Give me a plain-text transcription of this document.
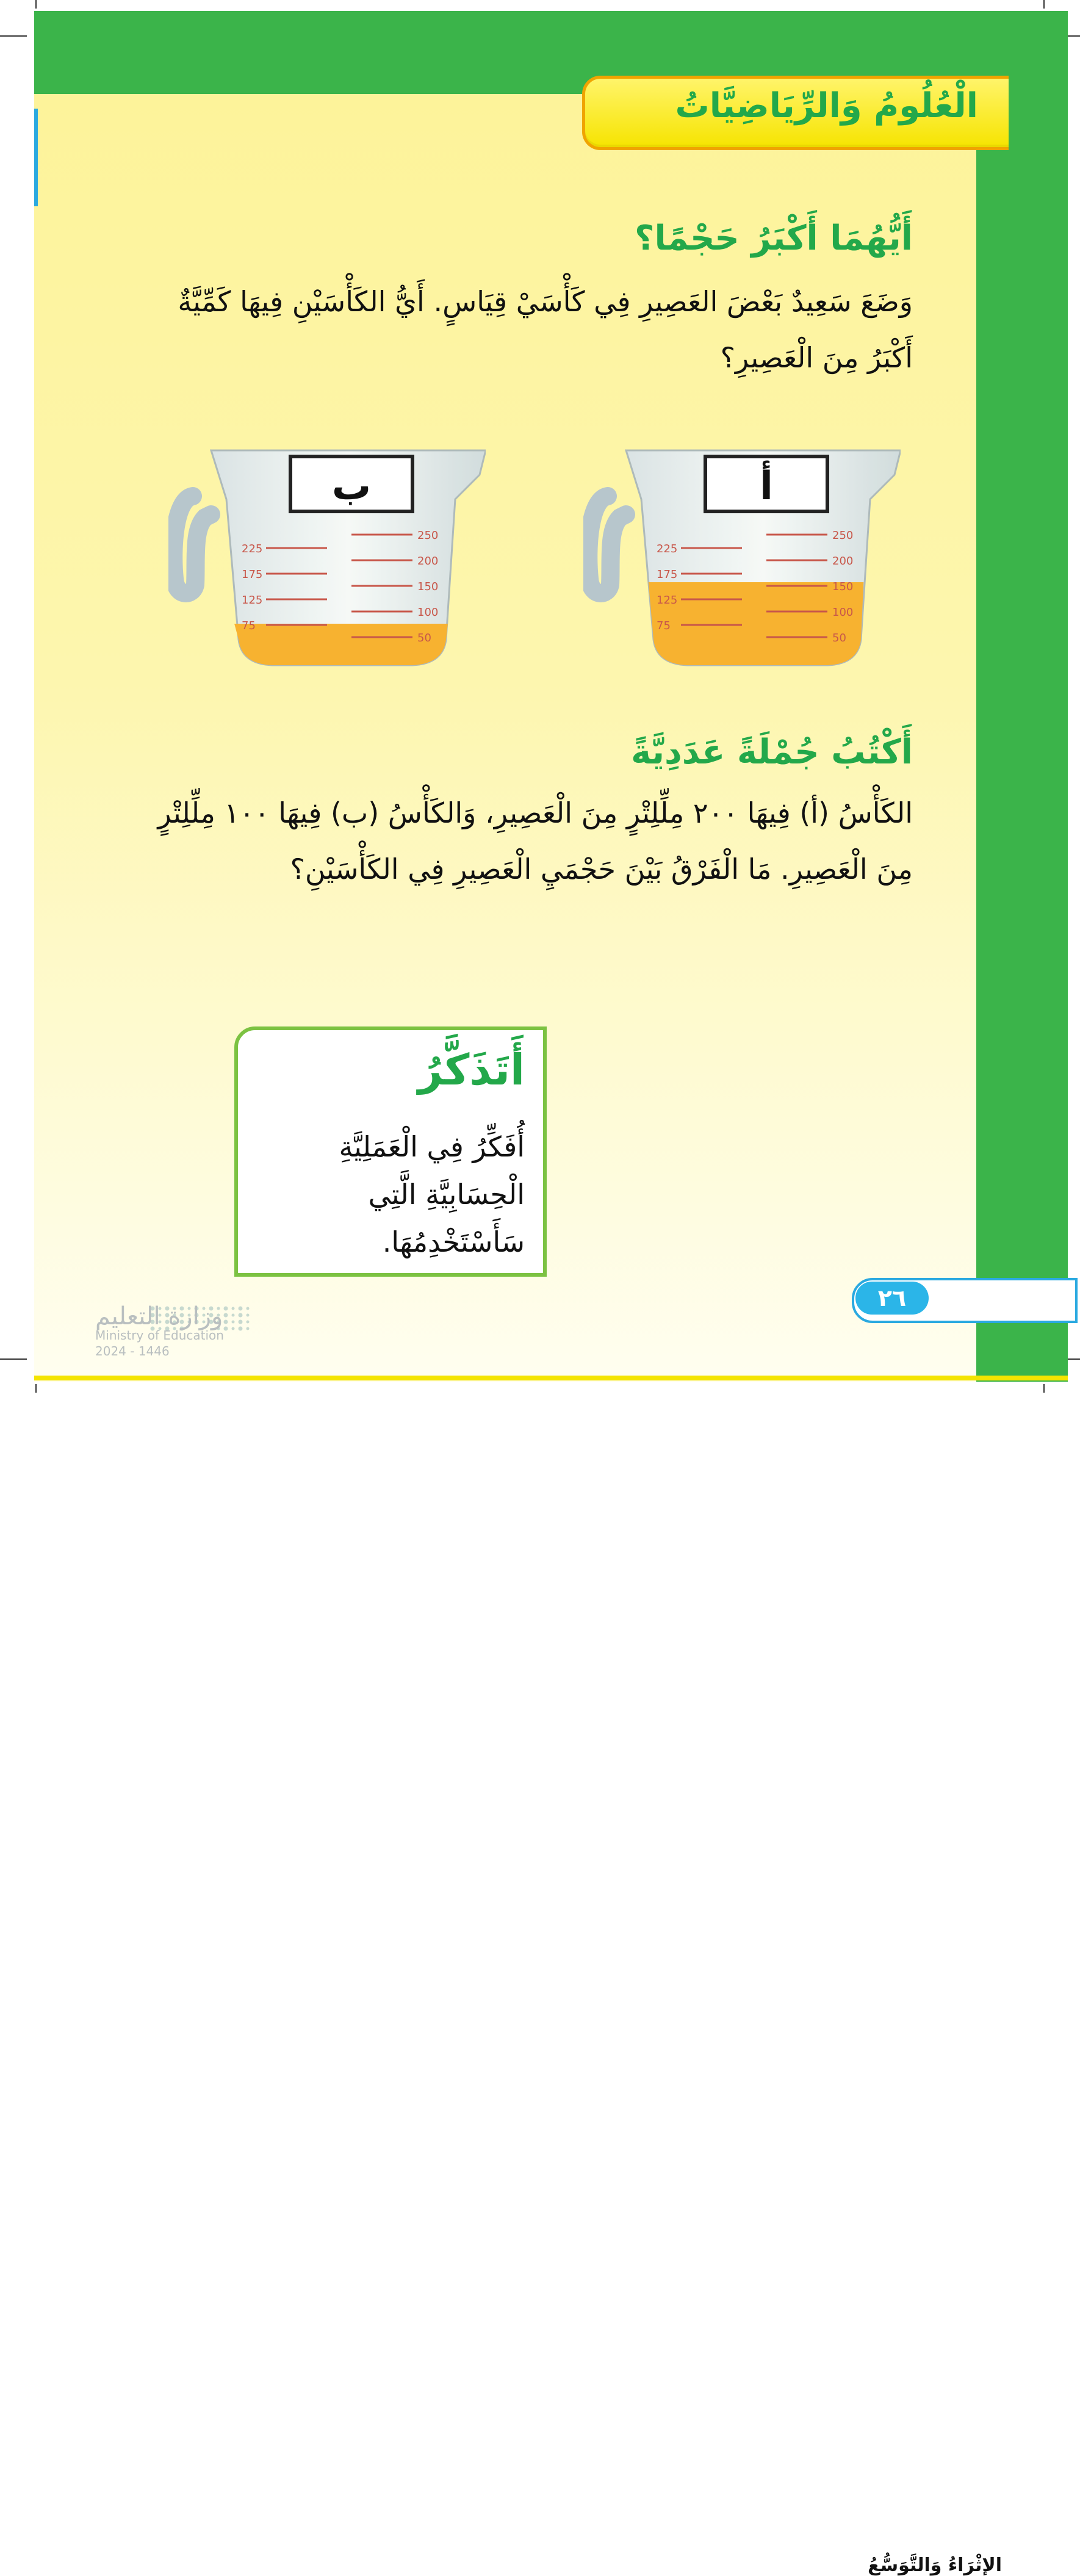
الْعُلُومُ وَالرِّيَاضِيَّاتُ
أَيُّهُمَا أَكْبَرُ حَجْمًا؟
وَضَعَ سَعِيدٌ بَعْضَ العَصِيرِ فِي كَأْسَيْ قِيَاسٍ. أَيُّ الكَأْسَيْنِ فِيهَا كَمِّيَّةٌ أَكْبَرُ مِنَ الْعَصِيرِ؟
ب
250
200
150
100
50
225
175
125
75
أ
250
200
150
100
50
225
175
125
75
أَكْتُبُ جُمْلَةً عَدَدِيَّةً
الكَأْسُ (أ) فِيهَا ٢٠٠ مِلِّلِتْرٍ مِنَ الْعَصِيرِ، وَالكَأْسُ (ب) فِيهَا ١٠٠ مِلِّلِتْرٍ مِنَ الْعَصِيرِ. مَا الْفَرْقُ بَيْنَ حَجْمَيِ الْعَصِيرِ فِي الكَأْسَيْنِ؟
أَتَذَكَّرُ
أُفَكِّرُ فِي الْعَمَلِيَّةِ الْحِسَابِيَّةِ الَّتِي سَأَسْتَخْدِمُهَا.
وزارة التعليم
Ministry of Education
2024 - 1446
الإِثْرَاءُ وَالتَّوَسُّعُ
٢٦
